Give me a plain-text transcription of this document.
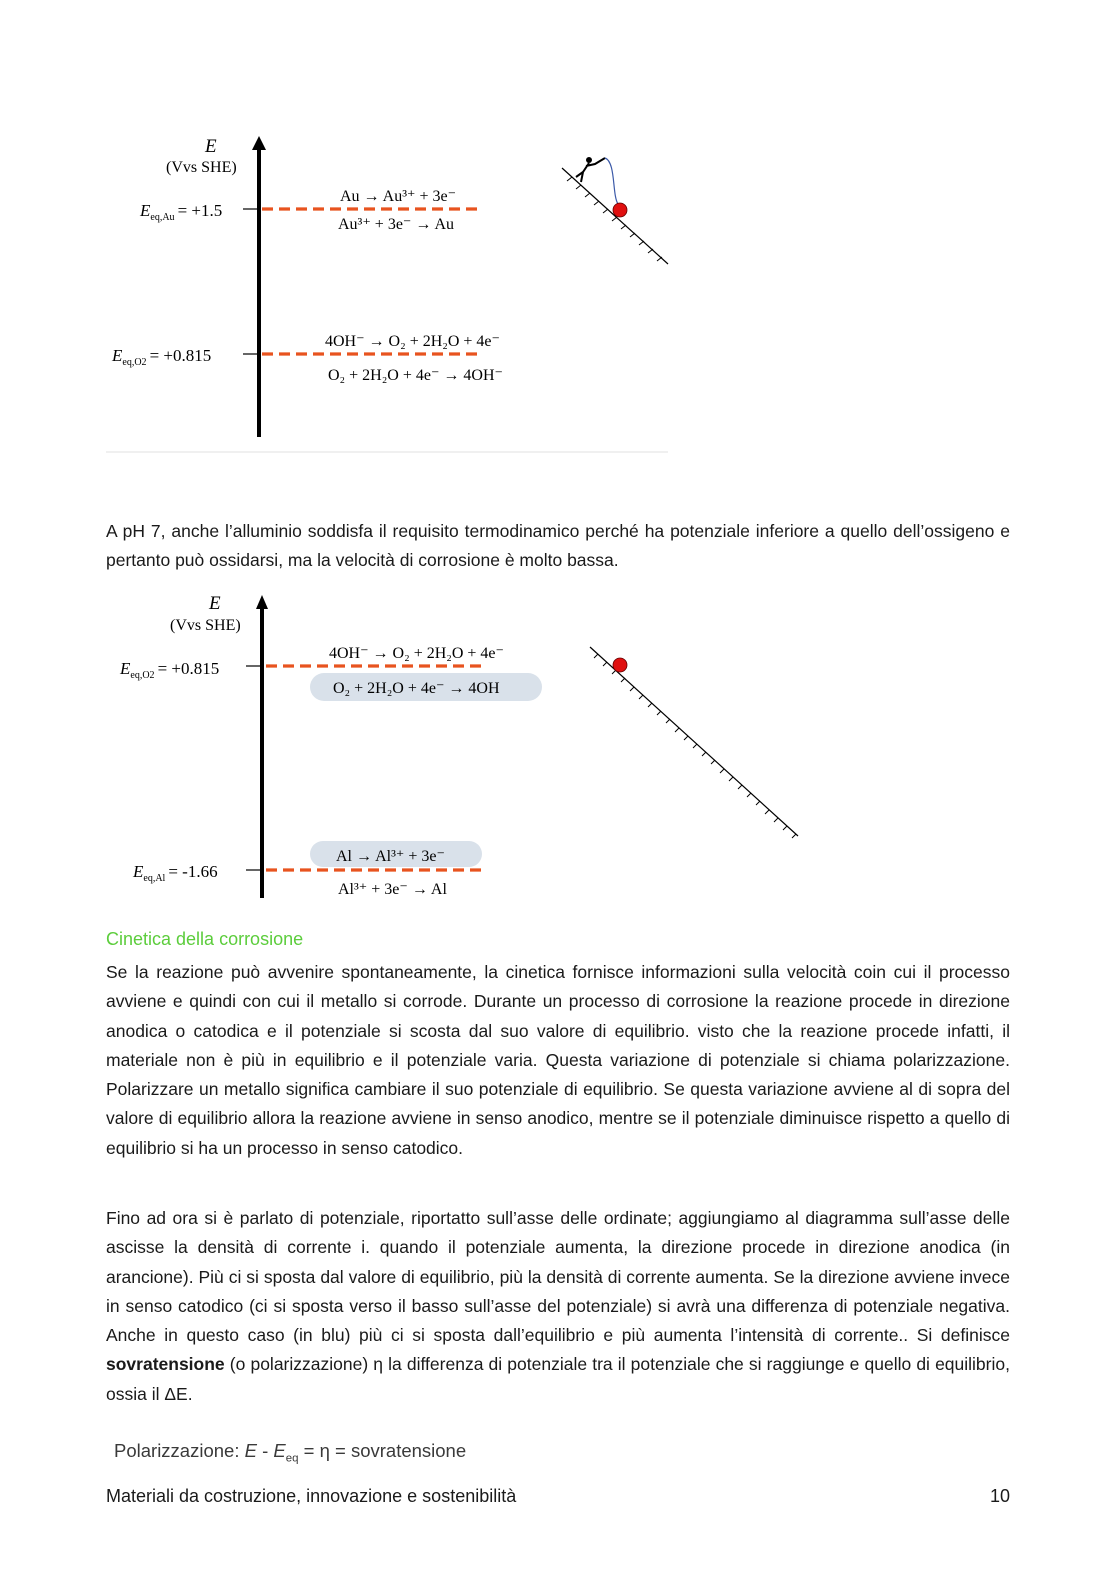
E
(Vvs SHE)
$E_{eq,Au} = +1.5$
Au → Au³⁺ + 3e⁻
Au³⁺ + 3e⁻ → Au
$E_{eq,O2} = +0.815$
4OH⁻ → O₂ + 2H₂O + 4e⁻
O₂ + 2H₂O + 4e⁻ → 4OH⁻
E
(Vvs SHE)
$E_{eq,O2} = +0.815$
4OH⁻ → O₂ + 2H₂O + 4e⁻
O₂ + 2H₂O + 4e⁻ → 4OH
$E_{eq,Al} = -1.66$
Al → Al³⁺ + 3e⁻
Al³⁺ + 3e⁻ → Al

A pH 7, anche l’alluminio soddisfa il requisito termodinamico perché ha potenziale inferiore a quello dell’ossigeno e pertanto può ossidarsi, ma la velocità di corrosione è molto bassa.

Cinetica della corrosione

Se la reazione può avvenire spontaneamente, la cinetica fornisce informazioni sulla velocità coin cui il processo avviene e quindi con cui il metallo si corrode. Durante un processo di corrosione la reazione procede in direzione anodica o catodica e il potenziale si scosta dal suo valore di equilibrio. visto che la reazione procede infatti, il materiale non è più in equilibrio e il potenziale varia. Questa variazione di potenziale si chiama polarizzazione. Polarizzare un metallo significa cambiare il suo potenziale di equilibrio. Se questa variazione avviene al di sopra del valore di equilibrio allora la reazione avviene in senso anodico, mentre se il potenziale diminuisce rispetto a quello di equilibrio si ha un processo in senso catodico.

Fino ad ora si è parlato di potenziale, riportatto sull’asse delle ordinate; aggiungiamo al diagramma sull’asse delle ascisse la densità di corrente i. quando il potenziale aumenta, la direzione procede in direzione anodica (in arancione). Più ci si sposta dal valore di equilibrio, più la densità di corrente aumenta. Se la direzione avviene invece in senso catodico (ci si sposta verso il basso sull’asse del potenziale) si avrà una differenza di potenziale negativa. Anche in questo caso (in blu) più ci si sposta dall’equilibrio e più aumenta l’intensità di corrente.. Si definisce sovratensione (o polarizzazione) η la differenza di potenziale tra il potenziale che si raggiunge e quello di equilibrio, ossia il ΔE.

Polarizzazione: $E - E_{eq} = \eta$ = sovratensione
Materiali da costruzione, innovazione e sostenibilità	10
